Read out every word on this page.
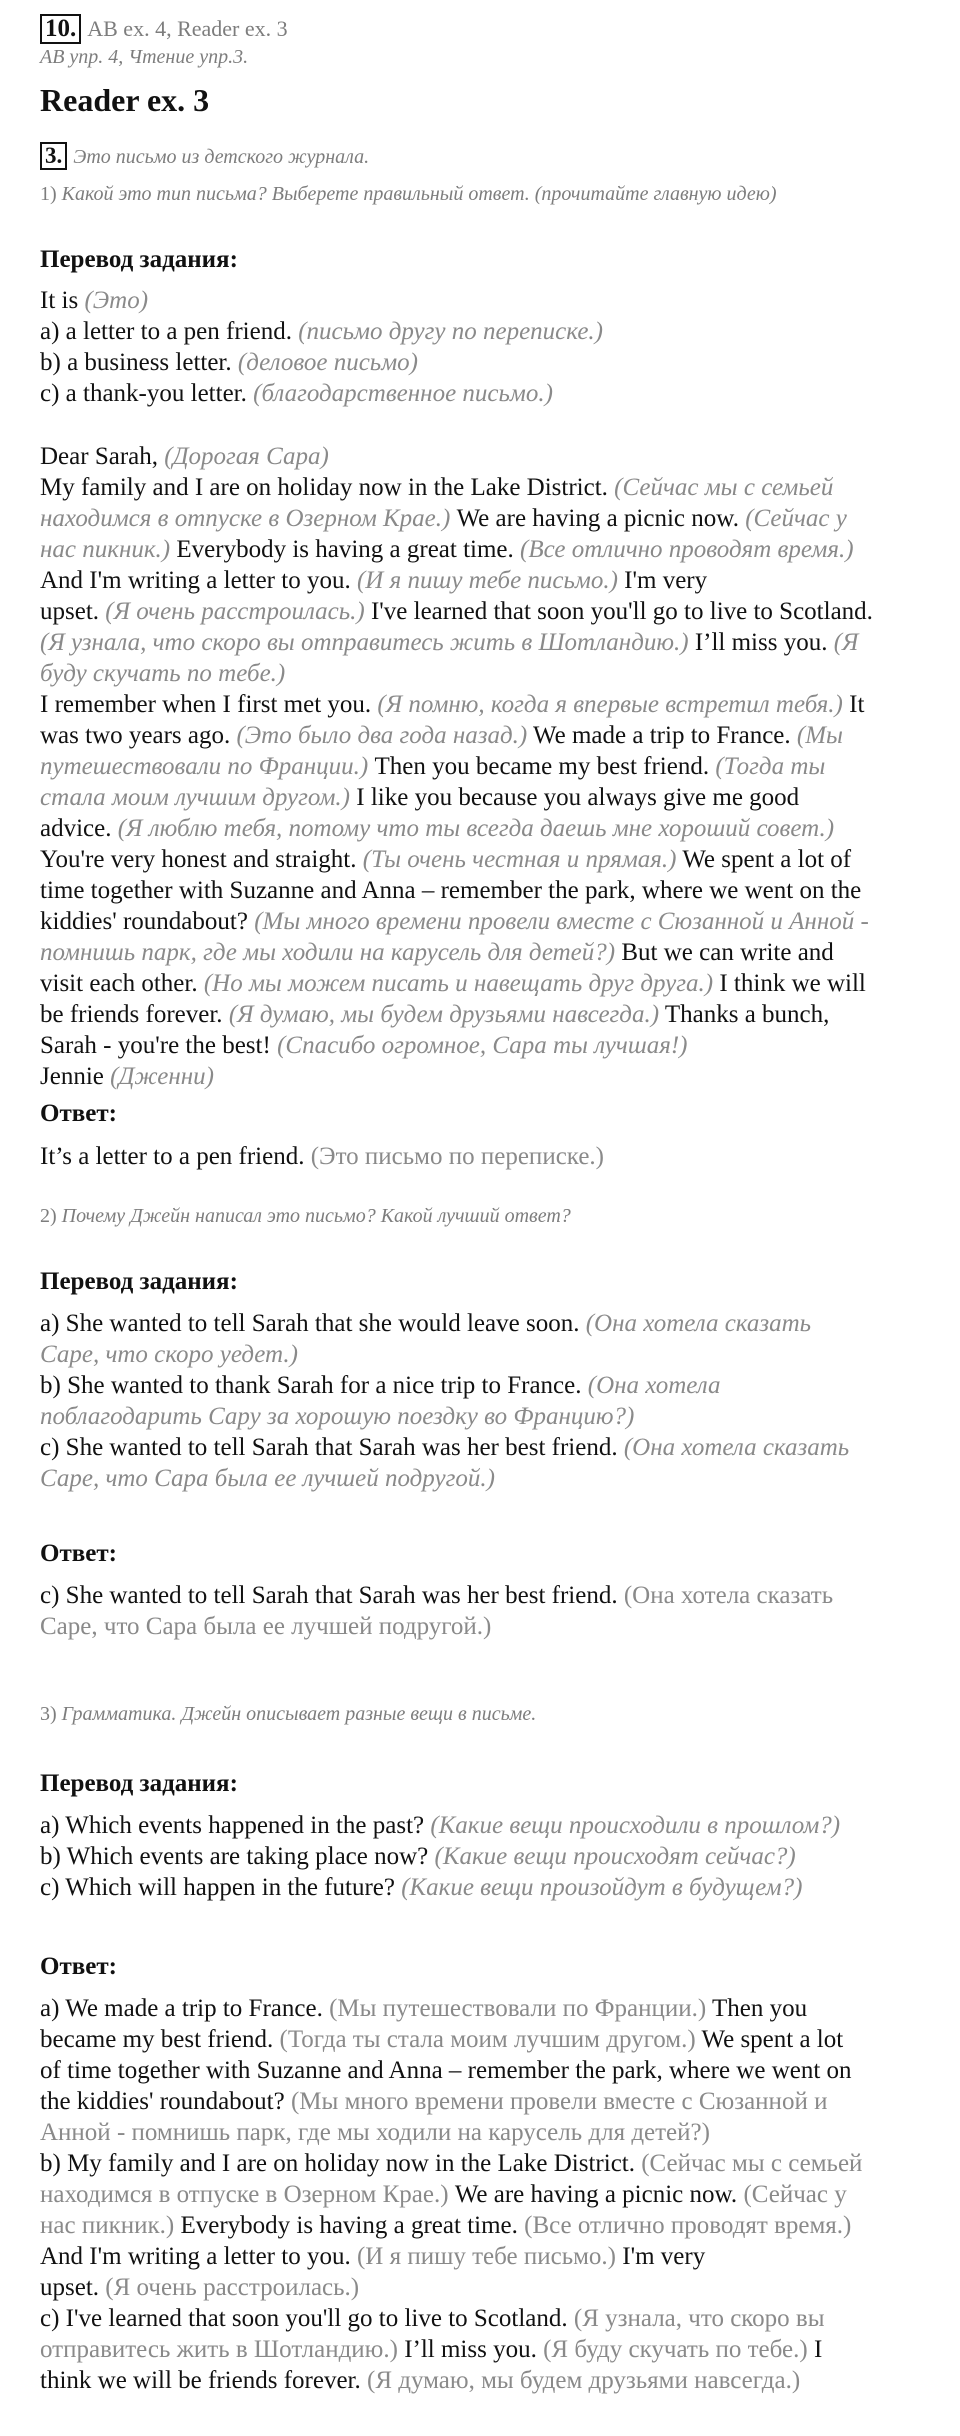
10. AB ex. 4, Reader ex. 3
АВ упр. 4, Чтение упр.3.
Reader ex. 3
3. Это письмо из детского журнала.
1) Какой это тип письма? Выберете правильный ответ. (прочитайте главную идею)
Перевод задания:
It is (Это)
a) a letter to a pen friend. (письмо другу по переписке.)
b) a business letter. (деловое письмо)
c) a thank-you letter. (благодарственное письмо.)
Dear Sarah, (Дорогая Сара)
My family and I are on holiday now in the Lake District. (Сейчас мы с семьей
находимся в отпуске в Озерном Крае.) We are having a picnic now. (Сейчас у
нас пикник.) Everybody is having a great time. (Все отлично проводят время.)
And I'm writing a letter to you. (И я пишу тебе письмо.) I'm very
upset. (Я очень расстроилась.) I've learned that soon you'll go to live to Scotland.
(Я узнала, что скоро вы отправитесь жить в Шотландию.) I’ll miss you. (Я
буду скучать по тебе.)
I remember when I first met you. (Я помню, когда я впервые встретил тебя.) It
was two years ago. (Это было два года назад.) We made a trip to France. (Мы
путешествовали по Франции.) Then you became my best friend. (Тогда ты
стала моим лучшим другом.) I like you because you always give me good
advice. (Я люблю тебя, потому что ты всегда даешь мне хороший совет.)
You're very honest and straight. (Ты очень честная и прямая.) We spent a lot of
time together with Suzanne and Anna – remember the park, where we went on the
kiddies' roundabout? (Мы много времени провели вместе с Сюзанной и Анной -
помнишь парк, где мы ходили на карусель для детей?) But we can write and
visit each other. (Но мы можем писать и навещать друг друга.) I think we will
be friends forever. (Я думаю, мы будем друзьями навсегда.) Thanks a bunch,
Sarah - you're the best! (Спасибо огромное, Сара ты лучшая!)
Jennie (Дженни)
Ответ:
It’s a letter to a pen friend. (Это письмо по переписке.)
2) Почему Джейн написал это письмо? Какой лучший ответ?
Перевод задания:
a) She wanted to tell Sarah that she would leave soon. (Она хотела сказать
Саре, что скоро уедет.)
b) She wanted to thank Sarah for a nice trip to France. (Она хотела
поблагодарить Сару за хорошую поездку во Францию?)
c) She wanted to tell Sarah that Sarah was her best friend. (Она хотела сказать
Саре, что Сара была ее лучшей подругой.)
Ответ:
c) She wanted to tell Sarah that Sarah was her best friend. (Она хотела сказать
Саре, что Сара была ее лучшей подругой.)
3) Грамматика. Джейн описывает разные вещи в письме.
Перевод задания:
a) Which events happened in the past? (Какие вещи происходили в прошлом?)
b) Which events are taking place now? (Какие вещи происходят сейчас?)
c) Which will happen in the future? (Какие вещи произойдут в будущем?)
Ответ:
a) We made a trip to France. (Мы путешествовали по Франции.) Then you
became my best friend. (Тогда ты стала моим лучшим другом.) We spent a lot
of time together with Suzanne and Anna – remember the park, where we went on
the kiddies' roundabout? (Мы много времени провели вместе с Сюзанной и
Анной - помнишь парк, где мы ходили на карусель для детей?)
b) My family and I are on holiday now in the Lake District. (Сейчас мы с семьей
находимся в отпуске в Озерном Крае.) We are having a picnic now. (Сейчас у
нас пикник.) Everybody is having a great time. (Все отлично проводят время.)
And I'm writing a letter to you. (И я пишу тебе письмо.) I'm very
upset. (Я очень расстроилась.)
c) I've learned that soon you'll go to live to Scotland. (Я узнала, что скоро вы
отправитесь жить в Шотландию.) I’ll miss you. (Я буду скучать по тебе.) I
think we will be friends forever. (Я думаю, мы будем друзьями навсегда.)
